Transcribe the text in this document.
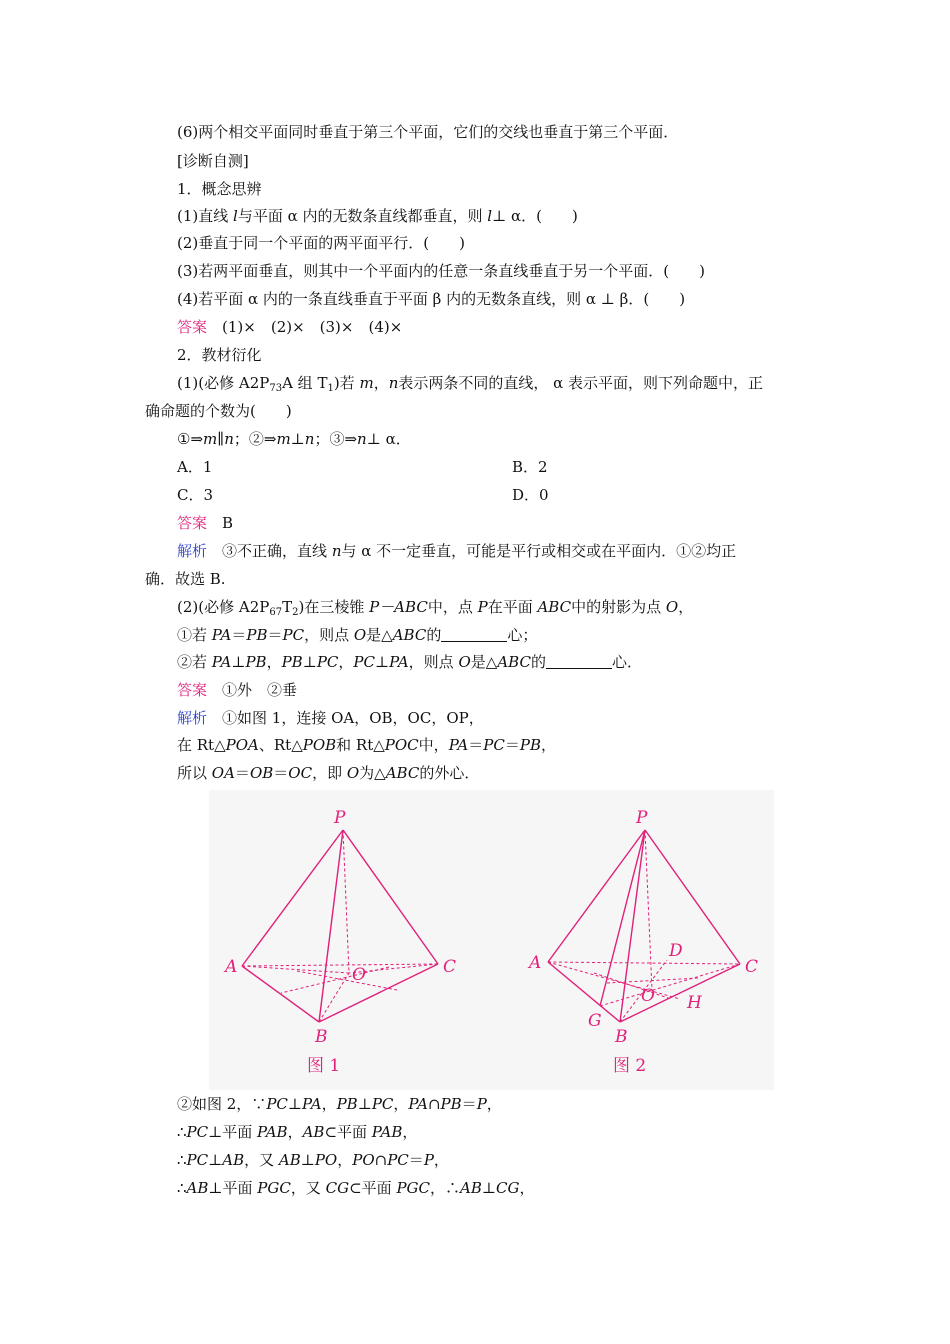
(6)两个相交平面同时垂直于第三个平面，它们的交线也垂直于第三个平面．
[诊断自测]
1．概念思辨
(1)直线 l与平面 α 内的无数条直线都垂直，则 l⊥ α．(　　)
(2)垂直于同一个平面的两平面平行．(　　)
(3)若两平面垂直，则其中一个平面内的任意一条直线垂直于另一个平面．(　　)
(4)若平面 α 内的一条直线垂直于平面 β 内的无数条直线，则 α ⊥ β．(　　)
答案　 (1)×　(2)×　(3)×　(4)×
2．教材衍化
(1)(必修 $A2P_{73}A$ 组 $T_1$)若 m，n表示两条不同的直线， α 表示平面，则下列命题中，正
确命题的个数为(　　)
①⇒m∥n；②⇒m⊥n；③⇒n⊥ α．
A．1	B．2
C．3	D．0
答案　 B
解析　 ③不正确，直线 n与 α 不一定垂直，可能是平行或相交或在平面内．①②均正
确．故选 B.
(2)(必修 $A2P_{67}T_2$)在三棱锥 P－ABC中，点 P在平面 ABC中的射影为点 O，
①若 PA＝PB＝PC，则点 O是△ABC的	心；
②若 PA⊥PB，PB⊥PC，PC⊥PA，则点 O是△ABC的	心．
答案　 ①外　②垂
解析　 ①如图 1，连接 OA，OB，OC，OP，
在 Rt△POA、Rt△POB和 Rt△POC中，PA＝PC＝PB，
所以 OA＝OB＝OC，即 O为△ABC的外心．
P
A	C
B
O
图 1
P
A	C
B
O
D
G
H
图 2
②如图 2，∵PC⊥PA，PB⊥PC，PA∩PB＝P，
∴PC⊥平面 PAB，AB⊂平面 PAB，
∴PC⊥AB，又 AB⊥PO，PO∩PC＝P，
∴AB⊥平面 PGC，又 CG⊂平面 PGC，∴AB⊥CG，
